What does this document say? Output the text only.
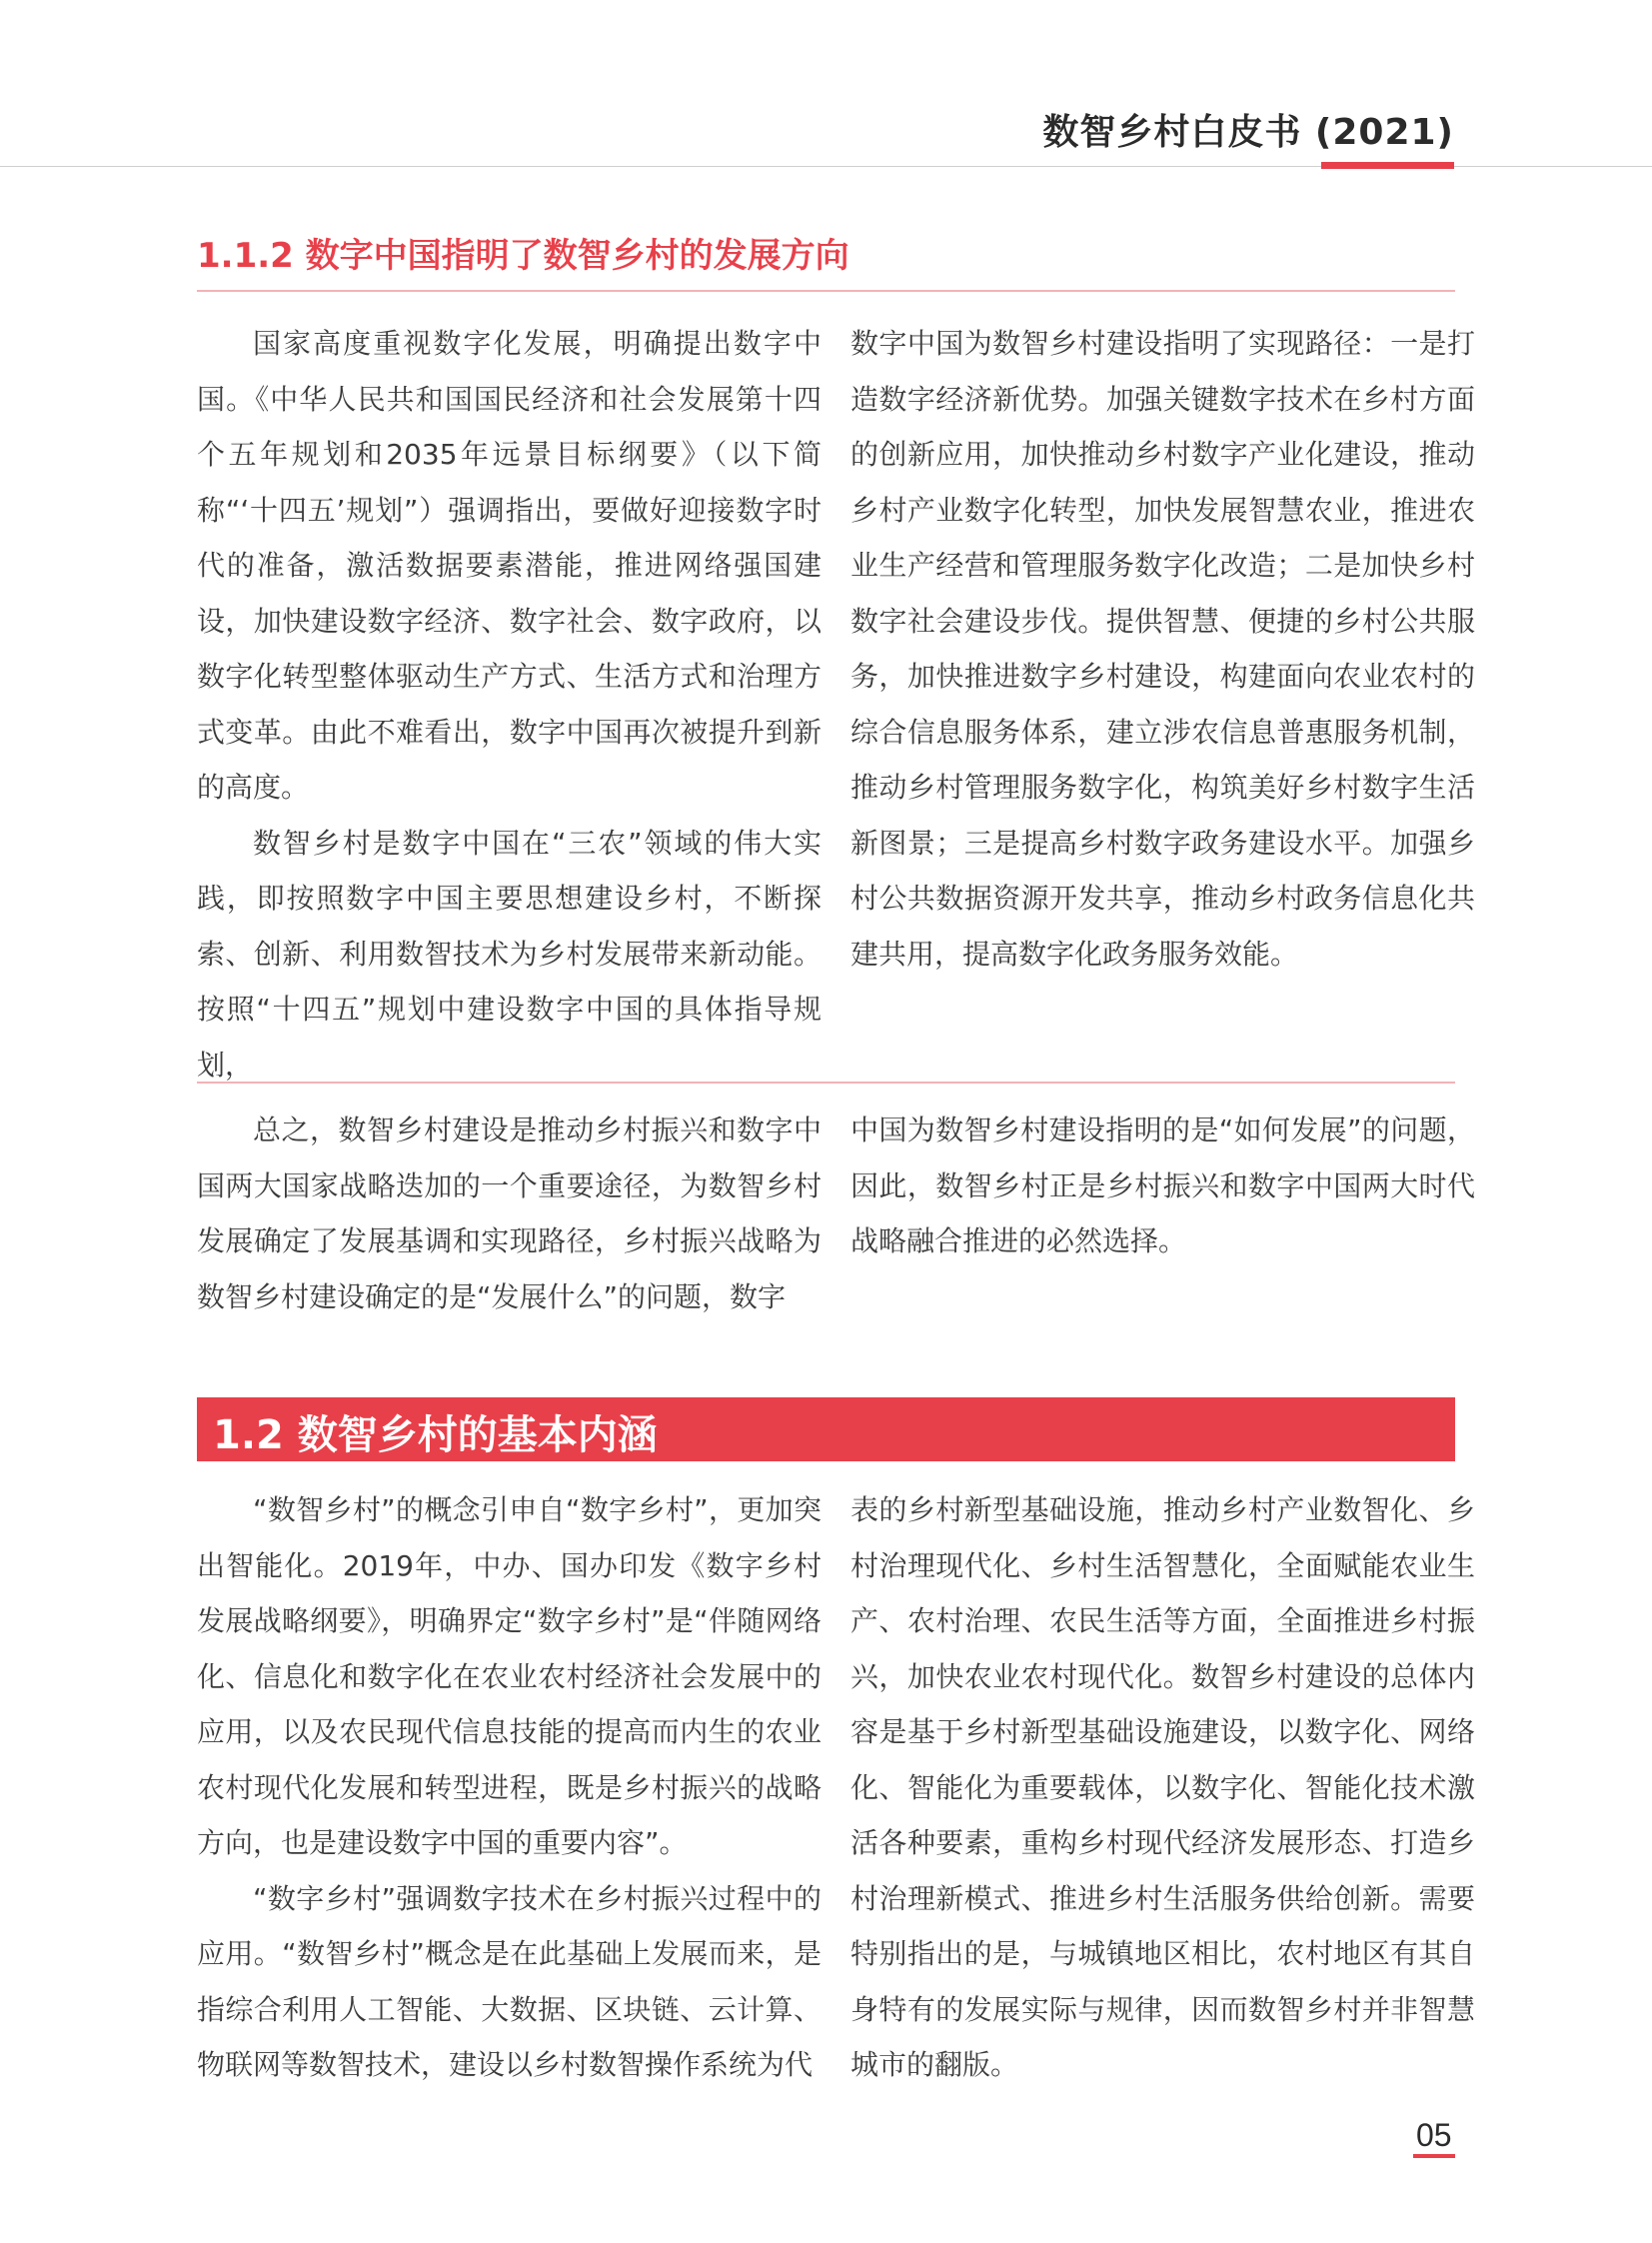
数智乡村白皮书 (2021)
1.1.2 数字中国指明了数智乡村的发展方向

国家高度重视数字化发展，明确提出数字中国。《中华人民共和国国民经济和社会发展第十四个五年规划和2035年远景目标纲要》（以下简称“‘十四五’规划”）强调指出，要做好迎接数字时代的准备，激活数据要素潜能，推进网络强国建设，加快建设数字经济、数字社会、数字政府，以数字化转型整体驱动生产方式、生活方式和治理方式变革。由此不难看出，数字中国再次被提升到新的高度。

数智乡村是数字中国在“三农”领域的伟大实践，即按照数字中国主要思想建设乡村，不断探索、创新、利用数智技术为乡村发展带来新动能。按照“十四五”规划中建设数字中国的具体指导规划，

数字中国为数智乡村建设指明了实现路径：一是打造数字经济新优势。加强关键数字技术在乡村方面的创新应用，加快推动乡村数字产业化建设，推动乡村产业数字化转型，加快发展智慧农业，推进农业生产经营和管理服务数字化改造；二是加快乡村数字社会建设步伐。提供智慧、便捷的乡村公共服务，加快推进数字乡村建设，构建面向农业农村的综合信息服务体系，建立涉农信息普惠服务机制，推动乡村管理服务数字化，构筑美好乡村数字生活新图景；三是提高乡村数字政务建设水平。加强乡村公共数据资源开发共享，推动乡村政务信息化共建共用，提高数字化政务服务效能。

总之，数智乡村建设是推动乡村振兴和数字中国两大国家战略迭加的一个重要途径，为数智乡村发展确定了发展基调和实现路径，乡村振兴战略为数智乡村建设确定的是“发展什么”的问题，数字

中国为数智乡村建设指明的是“如何发展”的问题，因此，数智乡村正是乡村振兴和数字中国两大时代战略融合推进的必然选择。

1.2 数智乡村的基本内涵

“数智乡村”的概念引申自“数字乡村”，更加突出智能化。2019年，中办、国办印发《数字乡村发展战略纲要》，明确界定“数字乡村”是“伴随网络化、信息化和数字化在农业农村经济社会发展中的应用，以及农民现代信息技能的提高而内生的农业农村现代化发展和转型进程，既是乡村振兴的战略方向，也是建设数字中国的重要内容”。

“数字乡村”强调数字技术在乡村振兴过程中的应用。“数智乡村”概念是在此基础上发展而来，是指综合利用人工智能、大数据、区块链、云计算、物联网等数智技术，建设以乡村数智操作系统为代

表的乡村新型基础设施，推动乡村产业数智化、乡村治理现代化、乡村生活智慧化，全面赋能农业生产、农村治理、农民生活等方面，全面推进乡村振兴，加快农业农村现代化。数智乡村建设的总体内容是基于乡村新型基础设施建设，以数字化、网络化、智能化为重要载体，以数字化、智能化技术激活各种要素，重构乡村现代经济发展形态、打造乡村治理新模式、推进乡村生活服务供给创新。需要特别指出的是，与城镇地区相比，农村地区有其自身特有的发展实际与规律，因而数智乡村并非智慧城市的翻版。

05
